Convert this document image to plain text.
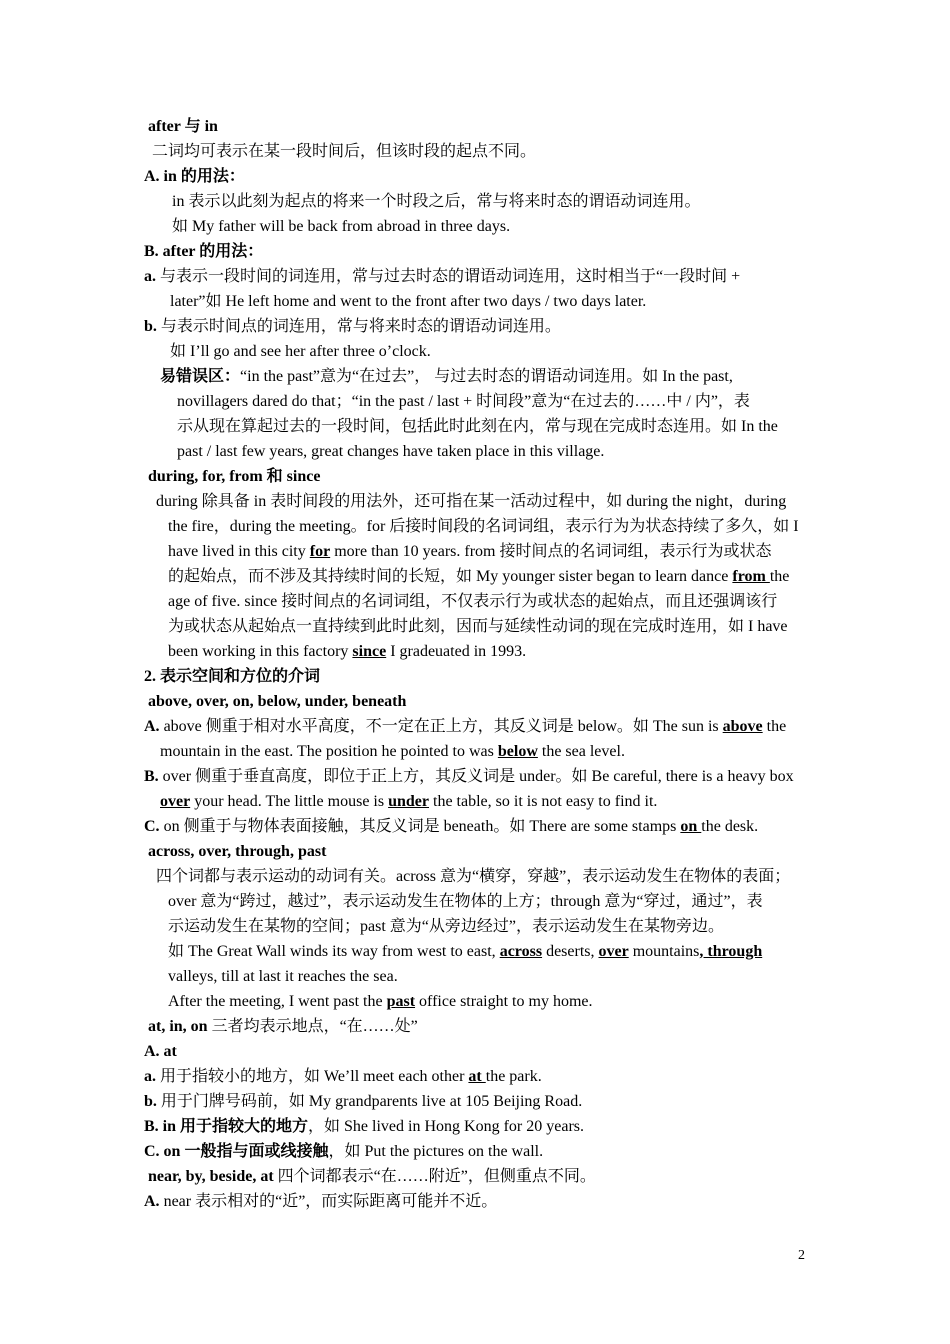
after 与 in
二词均可表示在某一段时间后，但该时段的起点不同。
A. in 的用法：
in 表示以此刻为起点的将来一个时段之后，常与将来时态的谓语动词连用。
如 My father will be back from abroad in three days.
B. after 的用法：
a. 与表示一段时间的词连用，常与过去时态的谓语动词连用，这时相当于“一段时间 +
later”如 He left home and went to the front after two days / two days later.
b. 与表示时间点的词连用，常与将来时态的谓语动词连用。
如 I’ll go and see her after three o’clock.
易错误区：“in the past”意为“在过去”， 与过去时态的谓语动词连用。如 In the past,
novillagers dared do that；“in the past / last + 时间段”意为“在过去的……中 / 内”，表
示从现在算起过去的一段时间，包括此时此刻在内，常与现在完成时态连用。如 In the
past / last few years, great changes have taken place in this village.
during, for, from 和 since
during 除具备 in 表时间段的用法外，还可指在某一活动过程中，如 during the night，during
the fire，during the meeting。for 后接时间段的名词词组，表示行为为状态持续了多久，如 I
have lived in this city for more than 10 years. from 接时间点的名词词组，表示行为或状态
的起始点，而不涉及其持续时间的长短，如 My younger sister began to learn dance from the
age of five. since 接时间点的名词词组，不仅表示行为或状态的起始点，而且还强调该行
为或状态从起始点一直持续到此时此刻，因而与延续性动词的现在完成时连用，如 I have
been working in this factory since I gradeuated in 1993.
2. 表示空间和方位的介词
above, over, on, below, under, beneath
A. above 侧重于相对水平高度，不一定在正上方，其反义词是 below。如 The sun is above the
mountain in the east. The position he pointed to was below the sea level.
B. over 侧重于垂直高度，即位于正上方，其反义词是 under。如 Be careful, there is a heavy box
over your head. The little mouse is under the table, so it is not easy to find it.
C. on 侧重于与物体表面接触，其反义词是 beneath。如 There are some stamps on the desk.
across, over, through, past
四个词都与表示运动的动词有关。across 意为“横穿，穿越”，表示运动发生在物体的表面；
over 意为“跨过，越过”，表示运动发生在物体的上方；through 意为“穿过，通过”，表
示运动发生在某物的空间；past 意为“从旁边经过”，表示运动发生在某物旁边。
如 The Great Wall winds its way from west to east, across deserts, over mountains, through
valleys, till at last it reaches the sea.
After the meeting, I went past the past office straight to my home.
at, in, on 三者均表示地点，“在……处”
A. at
a. 用于指较小的地方，如 We’ll meet each other at the park.
b. 用于门牌号码前，如 My grandparents live at 105 Beijing Road.
B. in 用于指较大的地方，如 She lived in Hong Kong for 20 years.
C. on 一般指与面或线接触，如 Put the pictures on the wall.
near, by, beside, at 四个词都表示“在……附近”，但侧重点不同。
A. near 表示相对的“近”，而实际距离可能并不近。
2
